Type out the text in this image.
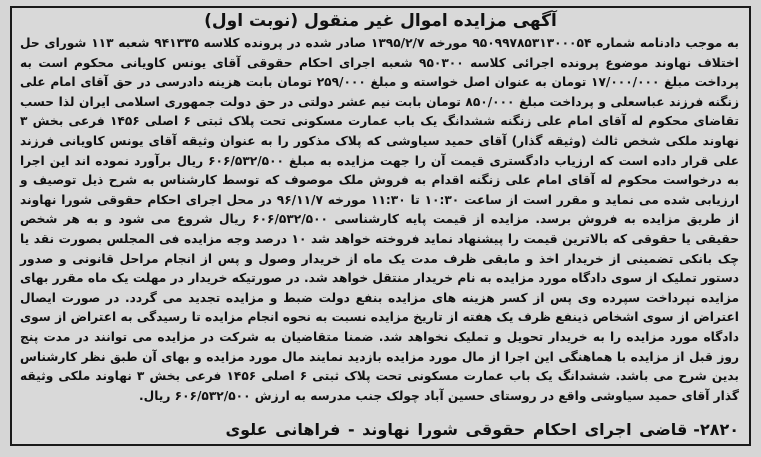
آگهی مزایده اموال غیر منقول (نوبت اول)
به موجب دادنامه شماره ۹۵۰۹۹۷۸۵۳۱۳۰۰۰۵۴ مورخه ۱۳۹۵/۲/۷ صادر شده در پرونده کلاسه ۹۴۱۳۳۵ شعبه ۱۱۳ شورای حل اختلاف نهاوند موضوع پرونده اجرائی کلاسه ۹۵۰۳۰۰ شعبه اجرای احکام حقوقی آقای یونس کاویانی محکوم است به پرداخت مبلغ ۱۷/۰۰۰/۰۰۰ تومان به عنوان اصل خواسته و مبلغ ۲۵۹/۰۰۰ تومان بابت هزینه دادرسی در حق آقای امام علی زنگنه فرزند عباسعلی و پرداخت مبلغ ۸۵۰/۰۰۰ تومان بابت نیم عشر دولتی در حق دولت جمهوری اسلامی ایران لذا حسب تقاضای محکوم له آقای امام علی زنگنه ششدانگ یک باب عمارت مسکونی تحت پلاک ثبتی ۶ اصلی ۱۴۵۶ فرعی بخش ۳ نهاوند ملکی شخص ثالث (وثیقه گذار) آقای حمید سیاوشی که پلاک مذکور را به عنوان وثیقه آقای یونس کاویانی فرزند علی قرار داده است که ارزیاب دادگستری قیمت آن را جهت مزایده به مبلغ ۶۰۶/۵۳۲/۵۰۰ ریال برآورد نموده اند این اجرا به درخواست محکوم له آقای امام علی زنگنه اقدام به فروش ملک موصوف که توسط کارشناس به شرح ذیل توصیف و ارزیابی شده می نماید و مقرر است از ساعت ۱۰:۳۰ تا ۱۱:۳۰ مورخه ۹۶/۱۱/۷ در محل اجرای احکام حقوقی شورا نهاوند از طریق مزایده به فروش برسد. مزایده از قیمت پایه کارشناسی ۶۰۶/۵۳۲/۵۰۰ ریال شروع می شود و به هر شخص حقیقی یا حقوقی که بالاترین قیمت را پیشنهاد نماید فروخته خواهد شد ۱۰ درصد وجه مزایده فی المجلس بصورت نقد یا چک بانکی تضمینی از خریدار اخذ و مابقی ظرف مدت یک ماه از خریدار وصول و پس از انجام مراحل قانونی و صدور دستور تملیک از سوی دادگاه مورد مزایده به نام خریدار منتقل خواهد شد. در صورتیکه خریدار در مهلت یک ماه مقرر بهای مزایده نپرداخت سپرده وی پس از کسر هزینه های مزایده بنفع دولت ضبط و مزایده تجدید می گردد. در صورت ایصال اعتراض از سوی اشخاص ذینفع ظرف یک هفته از تاریخ مزایده نسبت به نحوه انجام مزایده تا رسیدگی به اعتراض از سوی دادگاه مورد مزایده را به خریدار تحویل و تملیک نخواهد شد. ضمنا متقاضیان به شرکت در مزایده می توانند در مدت پنج روز قبل از مزایده با هماهنگی این اجرا از مال مورد مزایده بازدید نمایند مال مورد مزایده و بهای آن طبق نظر کارشناس بدین شرح می باشد. ششدانگ یک باب عمارت مسکونی تحت پلاک ثبتی ۶ اصلی ۱۴۵۶ فرعی بخش ۳ نهاوند ملکی وثیقه گذار آقای حمید سیاوشی واقع در روستای حسین آباد چولک جنب مدرسه به ارزش ۶۰۶/۵۳۲/۵۰۰ ریال.
۲۸۲۰-قاضی اجرای احکام حقوقی شورا نهاوند - فراهانی علوی
